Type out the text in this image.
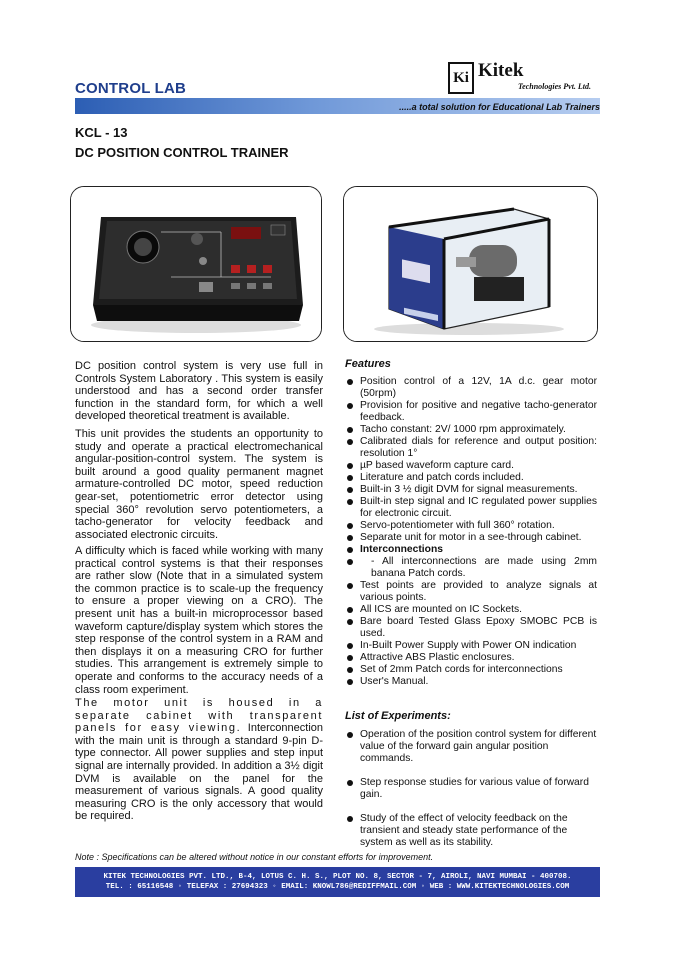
CONTROL LAB
Ki Kitek
Technologies Pvt. Ltd.
.....a total solution for Educational Lab Trainers
KCL - 13
DC POSITION CONTROL TRAINER
DC position control system is very use full in Controls System Laboratory . This system is easily understood and has a second order transfer function in the standard form, for which a well developed theoretical treatment is available.
This unit provides the students an opportunity to study and operate a practical electromechanical angular-position-control system. The system is built around a good quality permanent magnet armature-controlled DC motor, speed reduction gear-set, potentiometric error detector using special 360° revolution servo potentiometers, a tacho-generator for velocity feedback and associated electronic circuits.
A difficulty which is faced while working with many practical control systems is that their responses are rather slow (Note that in a simulated system the common practice is to scale-up the frequency to ensure a proper viewing on a CRO). The present unit has a built-in microprocessor based waveform capture/display system which stores the step response of the control system in a RAM and then displays it on a measuring CRO for further studies. This arrangement is extremely simple to operate and conforms to the accuracy needs of a class room experiment.
The motor unit is housed in a separate cabinet with transparent panels for easy viewing. Interconnection with the main unit is through a standard 9-pin D-type connector. All power supplies and step input signal are internally provided. In addition a 3½ digit DVM is available on the panel for the measurement of various signals. A good quality measuring CRO is the only accessory that would be required.
Features
Position control of a 12V, 1A d.c. gear motor (50rpm)
Provision for positive and negative tacho-generator feedback.
Tacho constant: 2V/ 1000 rpm approximately.
Calibrated dials for reference and output position: resolution 1°
µP based waveform capture card.
Literature and patch cords included.
Built-in 3 ½ digit DVM for signal measurements.
Built-in step signal and IC regulated power supplies for electronic circuit.
Servo-potentiometer with full 360° rotation.
Separate unit for motor in a see-through cabinet.
Interconnections
- All interconnections are made using 2mm banana Patch cords.
Test points are provided to analyze signals at various points.
All ICS are mounted on IC Sockets.
Bare board Tested Glass Epoxy SMOBC PCB is used.
In-Built Power Supply with Power ON indication
Attractive ABS Plastic enclosures.
Set of 2mm Patch cords for interconnections
User's Manual.
List of Experiments:
Operation of the position control system for different value of the forward gain angular position commands.
Step response studies for various value of forward gain.
Study of the effect of velocity feedback on the transient and steady state performance of the system as well as its stability.
Note : Specifications can be altered without notice in our constant efforts for improvement.
KITEK TECHNOLOGIES PVT. LTD., B-4, LOTUS C. H. S., PLOT NO. 8, SECTOR - 7, AIROLI, NAVI MUMBAI - 400708.
TEL. : 65116548 ◦ TELEFAX : 27694323 ◦ EMAIL: KNOWL786@REDIFFMAIL.COM ◦ WEB : WWW.KITEKTECHNOLOGIES.COM
